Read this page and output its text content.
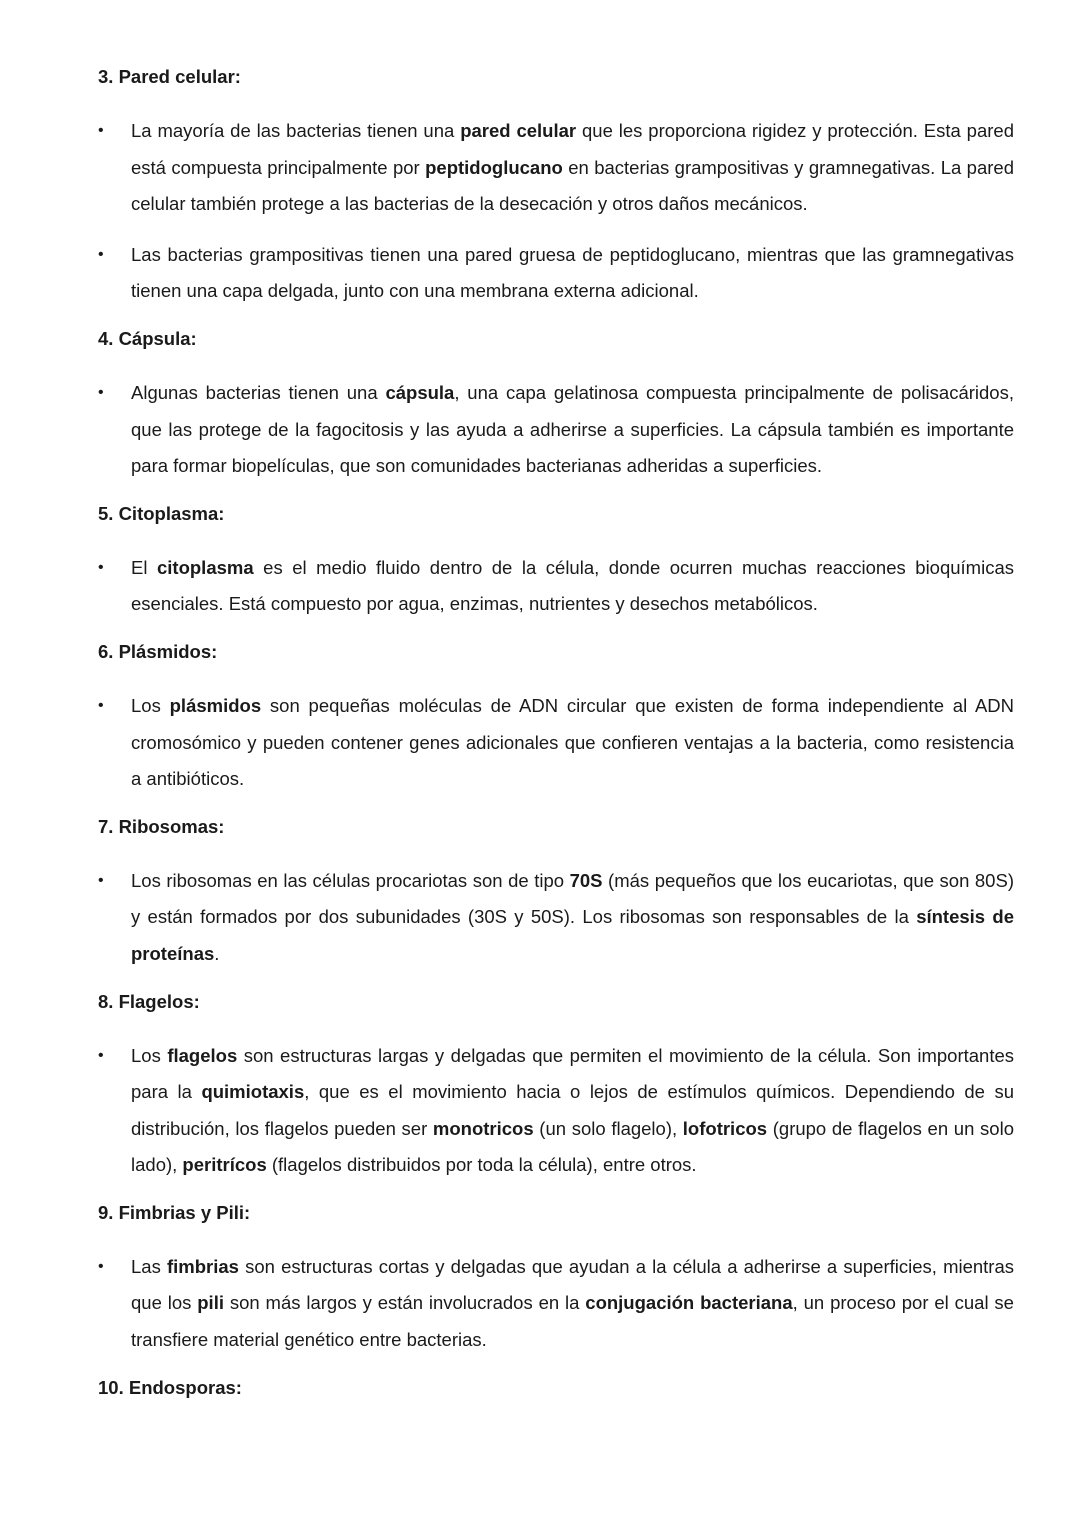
3. Pared celular:
• La mayoría de las bacterias tienen una pared celular que les proporciona rigidez y protección. Esta pared está compuesta principalmente por peptidoglucano en bacterias grampositivas y gramnegativas. La pared celular también protege a las bacterias de la desecación y otros daños mecánicos.
• Las bacterias grampositivas tienen una pared gruesa de peptidoglucano, mientras que las gramnegativas tienen una capa delgada, junto con una membrana externa adicional.
4. Cápsula:
• Algunas bacterias tienen una cápsula, una capa gelatinosa compuesta principalmente de polisacáridos, que las protege de la fagocitosis y las ayuda a adherirse a superficies. La cápsula también es importante para formar biopelículas, que son comunidades bacterianas adheridas a superficies.
5. Citoplasma:
• El citoplasma es el medio fluido dentro de la célula, donde ocurren muchas reacciones bioquímicas esenciales. Está compuesto por agua, enzimas, nutrientes y desechos metabólicos.
6. Plásmidos:
• Los plásmidos son pequeñas moléculas de ADN circular que existen de forma independiente al ADN cromosómico y pueden contener genes adicionales que confieren ventajas a la bacteria, como resistencia a antibióticos.
7. Ribosomas:
• Los ribosomas en las células procariotas son de tipo 70S (más pequeños que los eucariotas, que son 80S) y están formados por dos subunidades (30S y 50S). Los ribosomas son responsables de la síntesis de proteínas.
8. Flagelos:
• Los flagelos son estructuras largas y delgadas que permiten el movimiento de la célula. Son importantes para la quimiotaxis, que es el movimiento hacia o lejos de estímulos químicos. Dependiendo de su distribución, los flagelos pueden ser monotricos (un solo flagelo), lofotricos (grupo de flagelos en un solo lado), peritrícos (flagelos distribuidos por toda la célula), entre otros.
9. Fimbrias y Pili:
• Las fimbrias son estructuras cortas y delgadas que ayudan a la célula a adherirse a superficies, mientras que los pili son más largos y están involucrados en la conjugación bacteriana, un proceso por el cual se transfiere material genético entre bacterias.
10. Endosporas:
